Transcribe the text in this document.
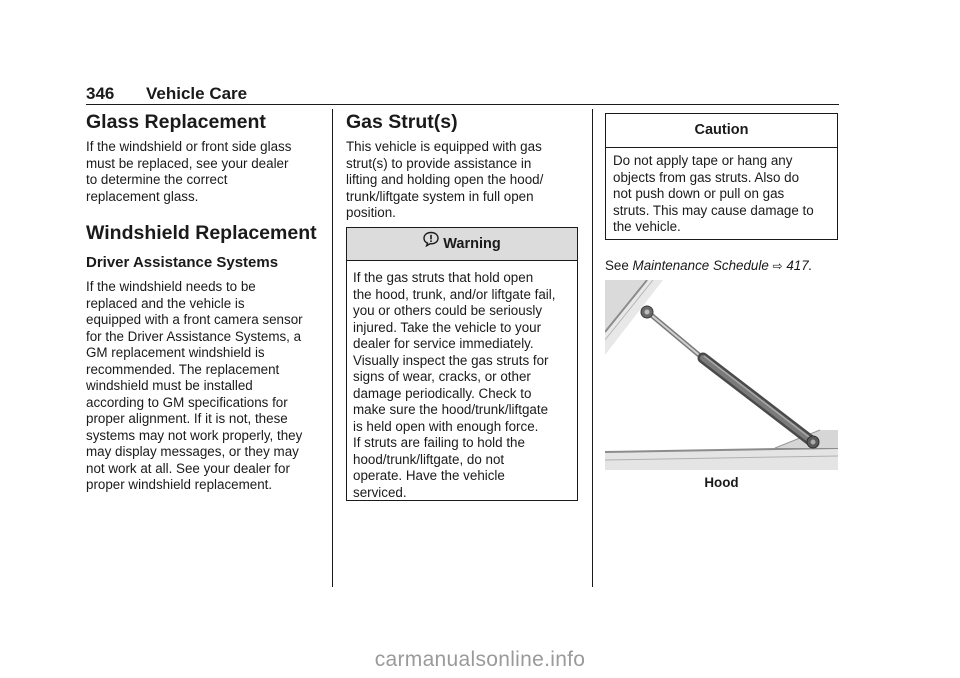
346 Vehicle Care
Glass Replacement

If the windshield or front side glass
must be replaced, see your dealer
to determine the correct
replacement glass.

Windshield Replacement
Driver Assistance Systems

If the windshield needs to be
replaced and the vehicle is
equipped with a front camera sensor
for the Driver Assistance Systems, a
GM replacement windshield is
recommended. The replacement
windshield must be installed
according to GM specifications for
proper alignment. If it is not, these
systems may not work properly, they
may display messages, or they may
not work at all. See your dealer for
proper windshield replacement.

Gas Strut(s)

This vehicle is equipped with gas
strut(s) to provide assistance in
lifting and holding open the hood/
trunk/liftgate system in full open
position.

Warning

If the gas struts that hold open
the hood, trunk, and/or liftgate fail,
you or others could be seriously
injured. Take the vehicle to your
dealer for service immediately.
Visually inspect the gas struts for
signs of wear, cracks, or other
damage periodically. Check to
make sure the hood/trunk/liftgate
is held open with enough force.
If struts are failing to hold the
hood/trunk/liftgate, do not
operate. Have the vehicle
serviced.

Caution

Do not apply tape or hang any
objects from gas struts. Also do
not push down or pull on gas
struts. This may cause damage to
the vehicle.

See Maintenance Schedule ⇨ 417.
Hood
carmanualsonline.info
